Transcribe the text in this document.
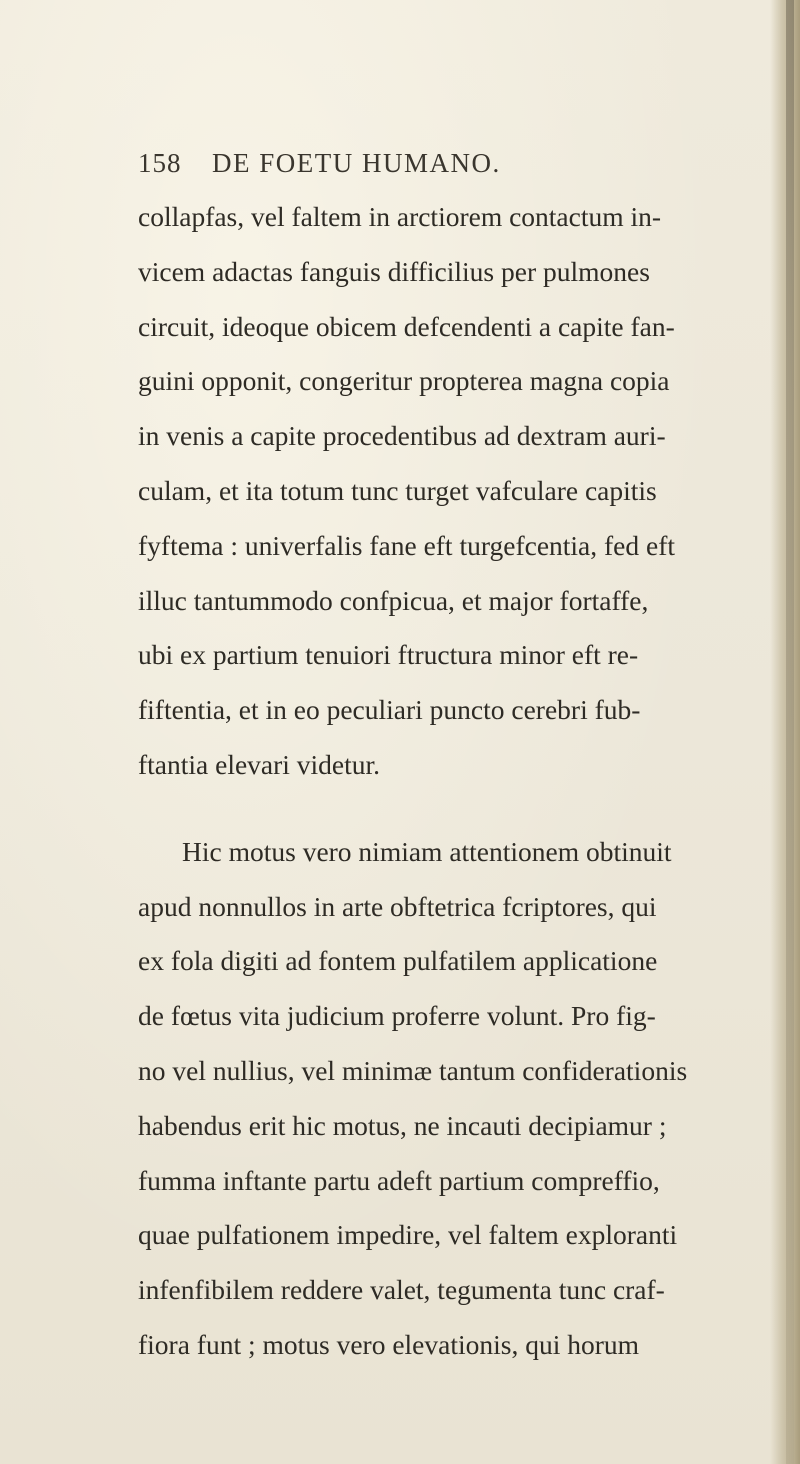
158 DE FOETU HUMANO.
collapfas, vel faltem in arctiorem contactum in-
vicem adactas fanguis difficilius per pulmones
circuit, ideoque obicem defcendenti a capite fan-
guini opponit, congeritur propterea magna copia
in venis a capite procedentibus ad dextram auri-
culam, et ita totum tunc turget vafculare capitis
fyftema : univerfalis fane eft turgefcentia, fed eft
illuc tantummodo confpicua, et major fortaffe,
ubi ex partium tenuiori ftructura minor eft re-
fiftentia, et in eo peculiari puncto cerebri fub-
ftantia elevari videtur.
Hic motus vero nimiam attentionem obtinuit
apud nonnullos in arte obftetrica fcriptores, qui
ex fola digiti ad fontem pulfatilem applicatione
de fœtus vita judicium proferre volunt. Pro fig-
no vel nullius, vel minimæ tantum confiderationis
habendus erit hic motus, ne incauti decipiamur ;
fumma inftante partu adeft partium compreffio,
quae pulfationem impedire, vel faltem exploranti
infenfibilem reddere valet, tegumenta tunc craf-
fiora funt ; motus vero elevationis, qui horum
